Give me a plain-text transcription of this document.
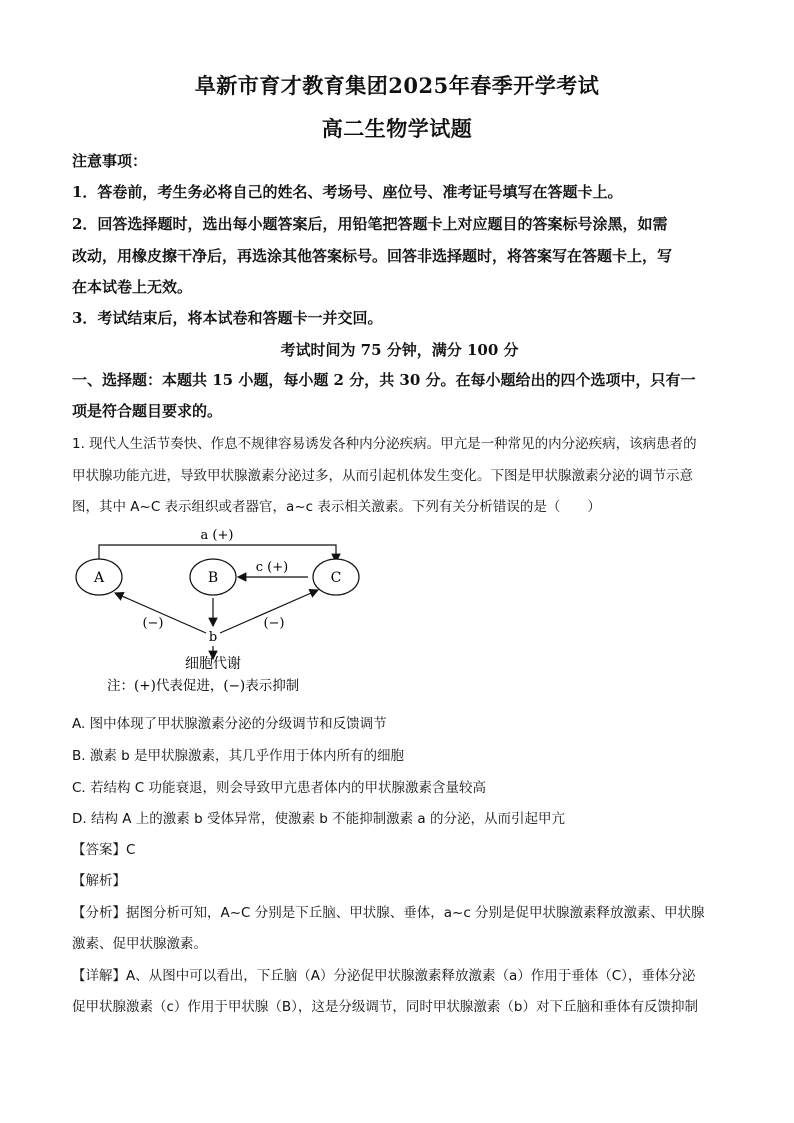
阜新市育才教育集团2025年春季开学考试
高二生物学试题
注意事项：
1．答卷前，考生务必将自己的姓名、考场号、座位号、准考证号填写在答题卡上。
2．回答选择题时，选出每小题答案后，用铅笔把答题卡上对应题目的答案标号涂黑，如需
改动，用橡皮擦干净后，再选涂其他答案标号。回答非选择题时，将答案写在答题卡上，写
在本试卷上无效。
3．考试结束后，将本试卷和答题卡一并交回。
考试时间为 75 分钟，满分 100 分
一、选择题：本题共 15 小题，每小题 2 分，共 30 分。在每小题给出的四个选项中，只有一
项是符合题目要求的。
1. 现代人生活节奏快、作息不规律容易诱发各种内分泌疾病。甲亢是一种常见的内分泌疾病，该病患者的
甲状腺功能亢进，导致甲状腺激素分泌过多，从而引起机体发生变化。下图是甲状腺激素分泌的调节示意
图，其中 A~C 表示组织或者器官，a~c 表示相关激素。下列有关分析错误的是（　　）
A	B	C
a (+)
c (+)
b
(−)	(−)
细胞代谢
注：(+)代表促进，(−)表示抑制
A. 图中体现了甲状腺激素分泌的分级调节和反馈调节
B. 激素 b 是甲状腺激素，其几乎作用于体内所有的细胞
C. 若结构 C 功能衰退，则会导致甲亢患者体内的甲状腺激素含量较高
D. 结构 A 上的激素 b 受体异常，使激素 b 不能抑制激素 a 的分泌，从而引起甲亢
【答案】C
【解析】
【分析】据图分析可知，A~C 分别是下丘脑、甲状腺、垂体，a~c 分别是促甲状腺激素释放激素、甲状腺
激素、促甲状腺激素。
【详解】A、从图中可以看出，下丘脑（A）分泌促甲状腺激素释放激素（a）作用于垂体（C），垂体分泌
促甲状腺激素（c）作用于甲状腺（B），这是分级调节，同时甲状腺激素（b）对下丘脑和垂体有反馈抑制
